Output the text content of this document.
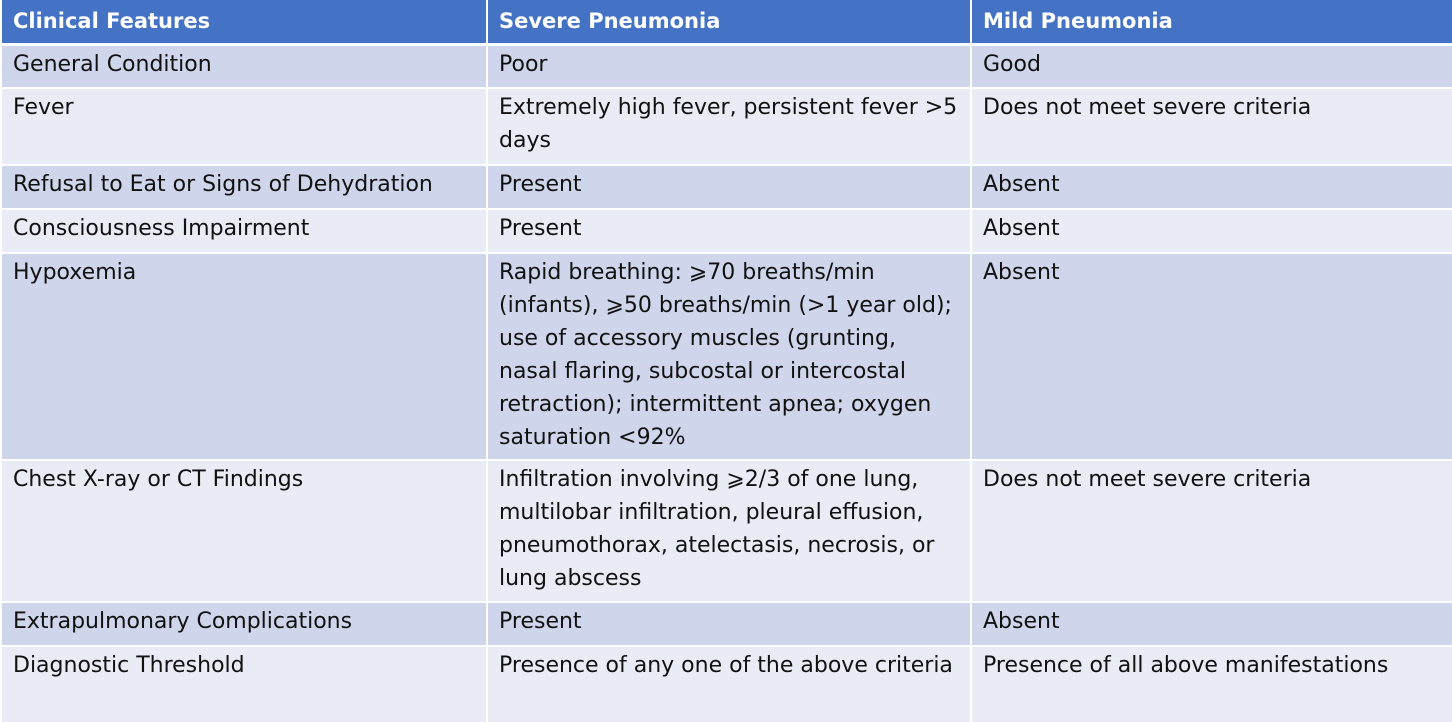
Clinical Features	Severe Pneumonia	Mild Pneumonia
General Condition	Poor	Good
Fever	Extremely high fever, persistent fever >5 days	Does not meet severe criteria
Refusal to Eat or Signs of Dehydration	Present	Absent
Consciousness Impairment	Present	Absent
Hypoxemia	Rapid breathing: ⩾70 breaths/min (infants), ⩾50 breaths/min (>1 year old); use of accessory muscles (grunting, nasal flaring, subcostal or intercostal retraction); intermittent apnea; oxygen saturation <92%	Absent
Chest X-ray or CT Findings	Infiltration involving ⩾2/3 of one lung, multilobar infiltration, pleural effusion, pneumothorax, atelectasis, necrosis, or lung abscess	Does not meet severe criteria
Extrapulmonary Complications	Present	Absent
Diagnostic Threshold	Presence of any one of the above criteria	Presence of all above manifestations
